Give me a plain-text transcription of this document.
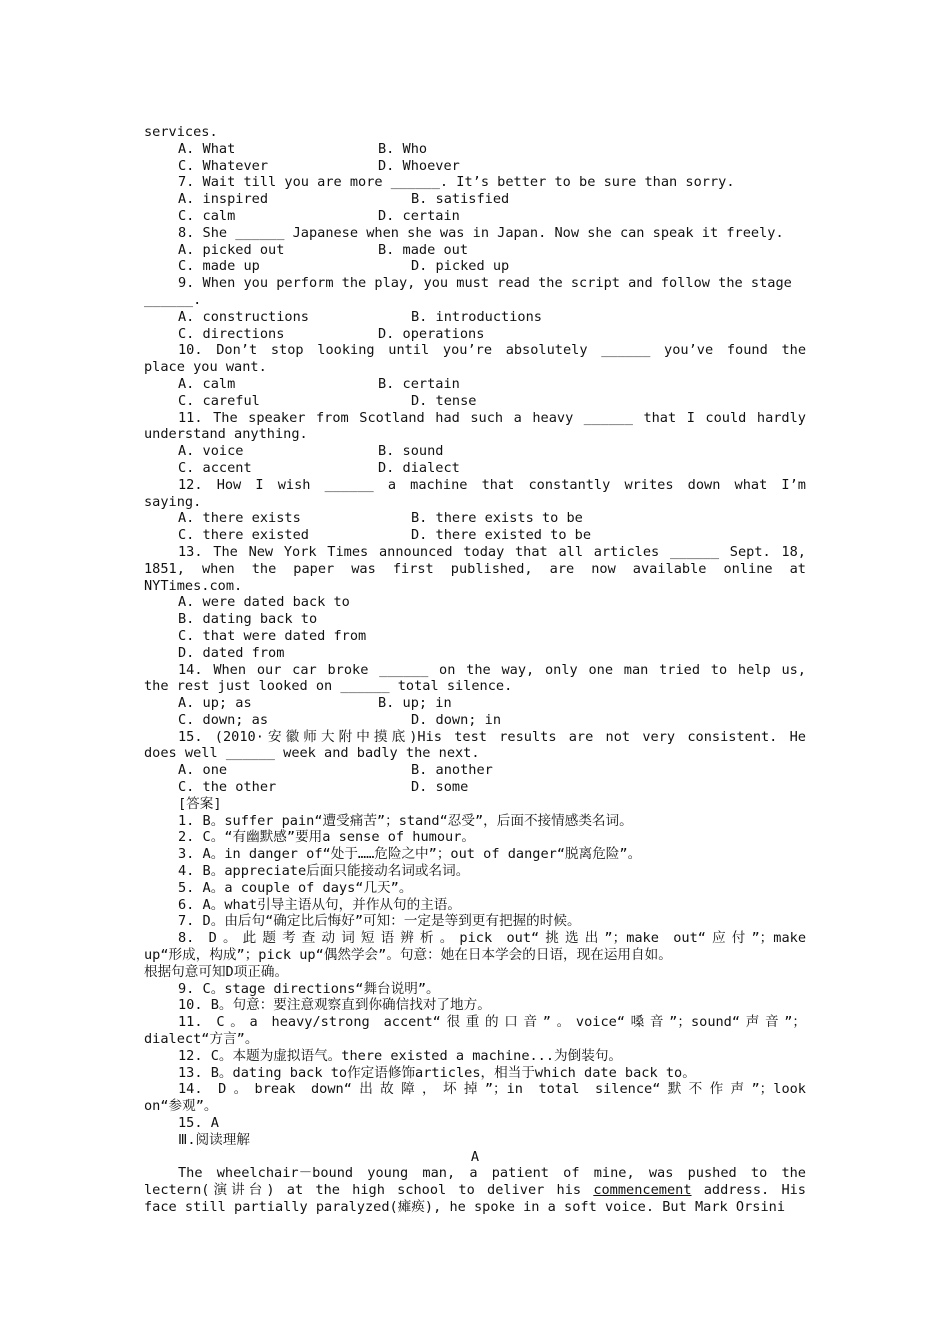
services.
A. What	B. Who
C. Whatever	D. Whoever
7. Wait till you are more ______. It’s better to be sure than sorry.
A. inspired	B. satisfied
C. calm	D. certain
8. She ______ Japanese when she was in Japan. Now she can speak it freely.
A. picked out	B. made out
C. made up	D. picked up
9. When you perform the play, you must read the script and follow the stage
______.
A. constructions	B. introductions
C. directions	D. operations
10. Don’t stop looking until you’re absolutely ______ you’ve found the
place you want.
A. calm	B. certain
C. careful	D. tense
11. The speaker from Scotland had such a heavy ______ that I could hardly
understand anything.
A. voice	B. sound
C. accent	D. dialect
12. How I wish ______ a machine that constantly writes down what I’m
saying.
A. there exists	B. there exists to be
C. there existed	D. there existed to be
13. The New York Times announced today that all articles ______ Sept. 18,
1851, when the paper was first published, are now available online at
NYTimes.com.
A. were dated back to
B. dating back to
C. that were dated from
D. dated from
14. When our car broke ______ on the way, only one man tried to help us,
the rest just looked on ______ total silence.
A. up; as	B. up; in
C. down; as	D. down; in
15. (2010·安徽师大附中摸底)His test results are not very consistent. He
does well ______ week and badly the next.
A. one	B. another
C. the other	D. some
[答案]
1. B。suffer pain“遭受痛苦”；stand“忍受”，后面不接情感类名词。
2. C。“有幽默感”要用a sense of humour。
3. A。in danger of“处于……危险之中”；out of danger“脱离危险”。
4. B。appreciate后面只能接动名词或名词。
5. A。a couple of days“几天”。
6. A。what引导主语从句，并作从句的主语。
7. D。由后句“确定比后悔好”可知：一定是等到更有把握的时候。
8. D。此题考查动词短语辨析。pick out“挑选出”；make out“应付”；make
up“形成，构成”；pick up“偶然学会”。句意：她在日本学会的日语，现在运用自如。
根据句意可知D项正确。
9. C。stage directions“舞台说明”。
10. B。句意：要注意观察直到你确信找对了地方。
11. C。a heavy/strong accent“很重的口音”。voice“嗓音”；sound“声音”；
dialect“方言”。
12. C。本题为虚拟语气。there existed a machine...为倒装句。
13. B。dating back to作定语修饰articles，相当于which date back to。
14. D。break down“出故障，坏掉”；in total silence“默不作声”；look
on“参观”。
15. A
Ⅲ.阅读理解
A
The wheelchair－bound young man, a patient of mine, was pushed to the
lectern(演讲台) at the high school to deliver his commencement address. His
face still partially paralyzed(瘫痪), he spoke in a soft voice. But Mark Orsini
